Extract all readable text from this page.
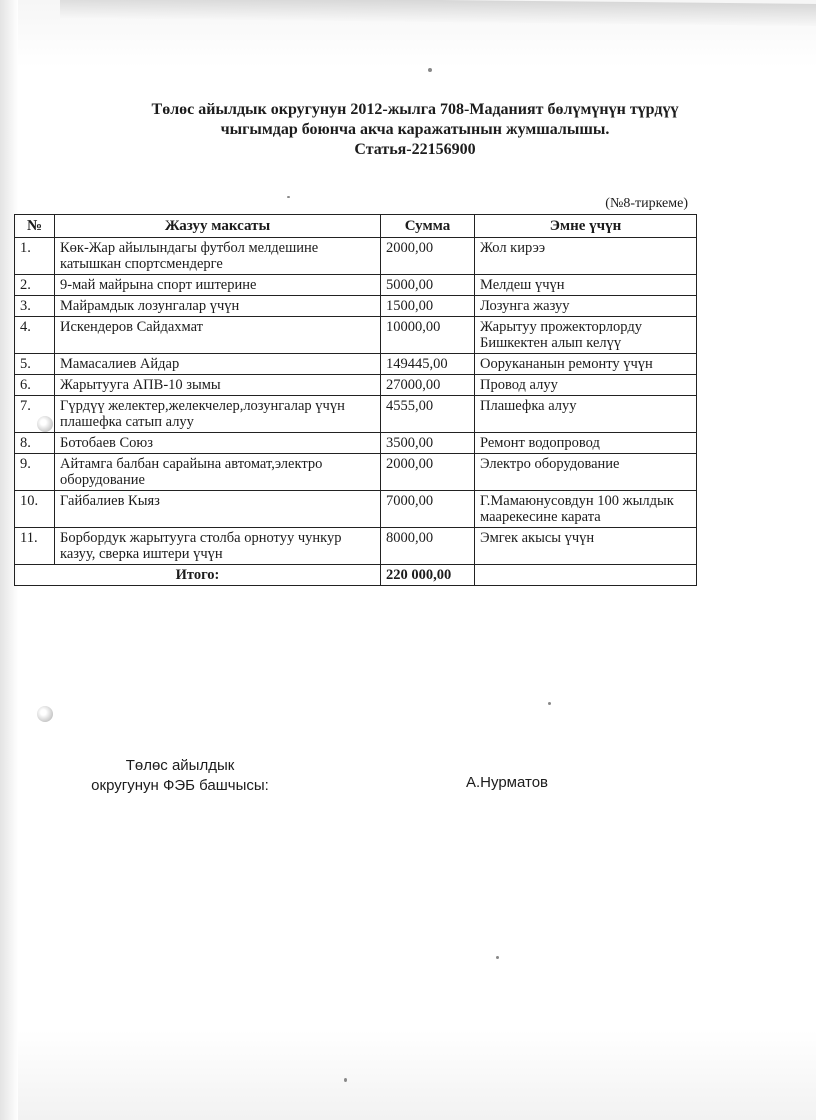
Төлөс айылдык округунун 2012-жылга 708-Маданият бөлүмүнүн түрдүү
чыгымдар боюнча акча каражатынын жумшалышы.
Статья-22156900
(№8-тиркеме)
№	Жазуу максаты	Сумма	Эмне үчүн
1.	Көк-Жар айылындагы футбол мелдешине катышкан спортсмендерге	2000,00	Жол кирээ
2.	9-май майрына спорт иштерине	5000,00	Мелдеш үчүн
3.	Майрамдык лозунгалар үчүн	1500,00	Лозунга жазуу
4.	Искендеров Сайдахмат	10000,00	Жарытуу прожекторлорду Бишкектен алып келүү
5.	Мамасалиев Айдар	149445,00	Оорукананын ремонту үчүн
6.	Жарытууга АПВ-10 зымы	27000,00	Провод алуу
7.	Гүрдүү желектер,желекчелер,лозунгалар үчүн плашефка сатып алуу	4555,00	Плашефка алуу
8.	Ботобаев Союз	3500,00	Ремонт водопровод
9.	Айтамга балбан сарайына автомат,электро оборудование	2000,00	Электро оборудование
10.	Гайбалиев Кыяз	7000,00	Г.Мамаюнусовдун 100 жылдык маарекесине карата
11.	Борбордук жарытууга столба орнотуу чункур казуу, сверка иштери үчүн	8000,00	Эмгек акысы үчүн
Итого:		220 000,00	
Төлөс айылдык
округунун ФЭБ башчысы:	А.Нурматов
